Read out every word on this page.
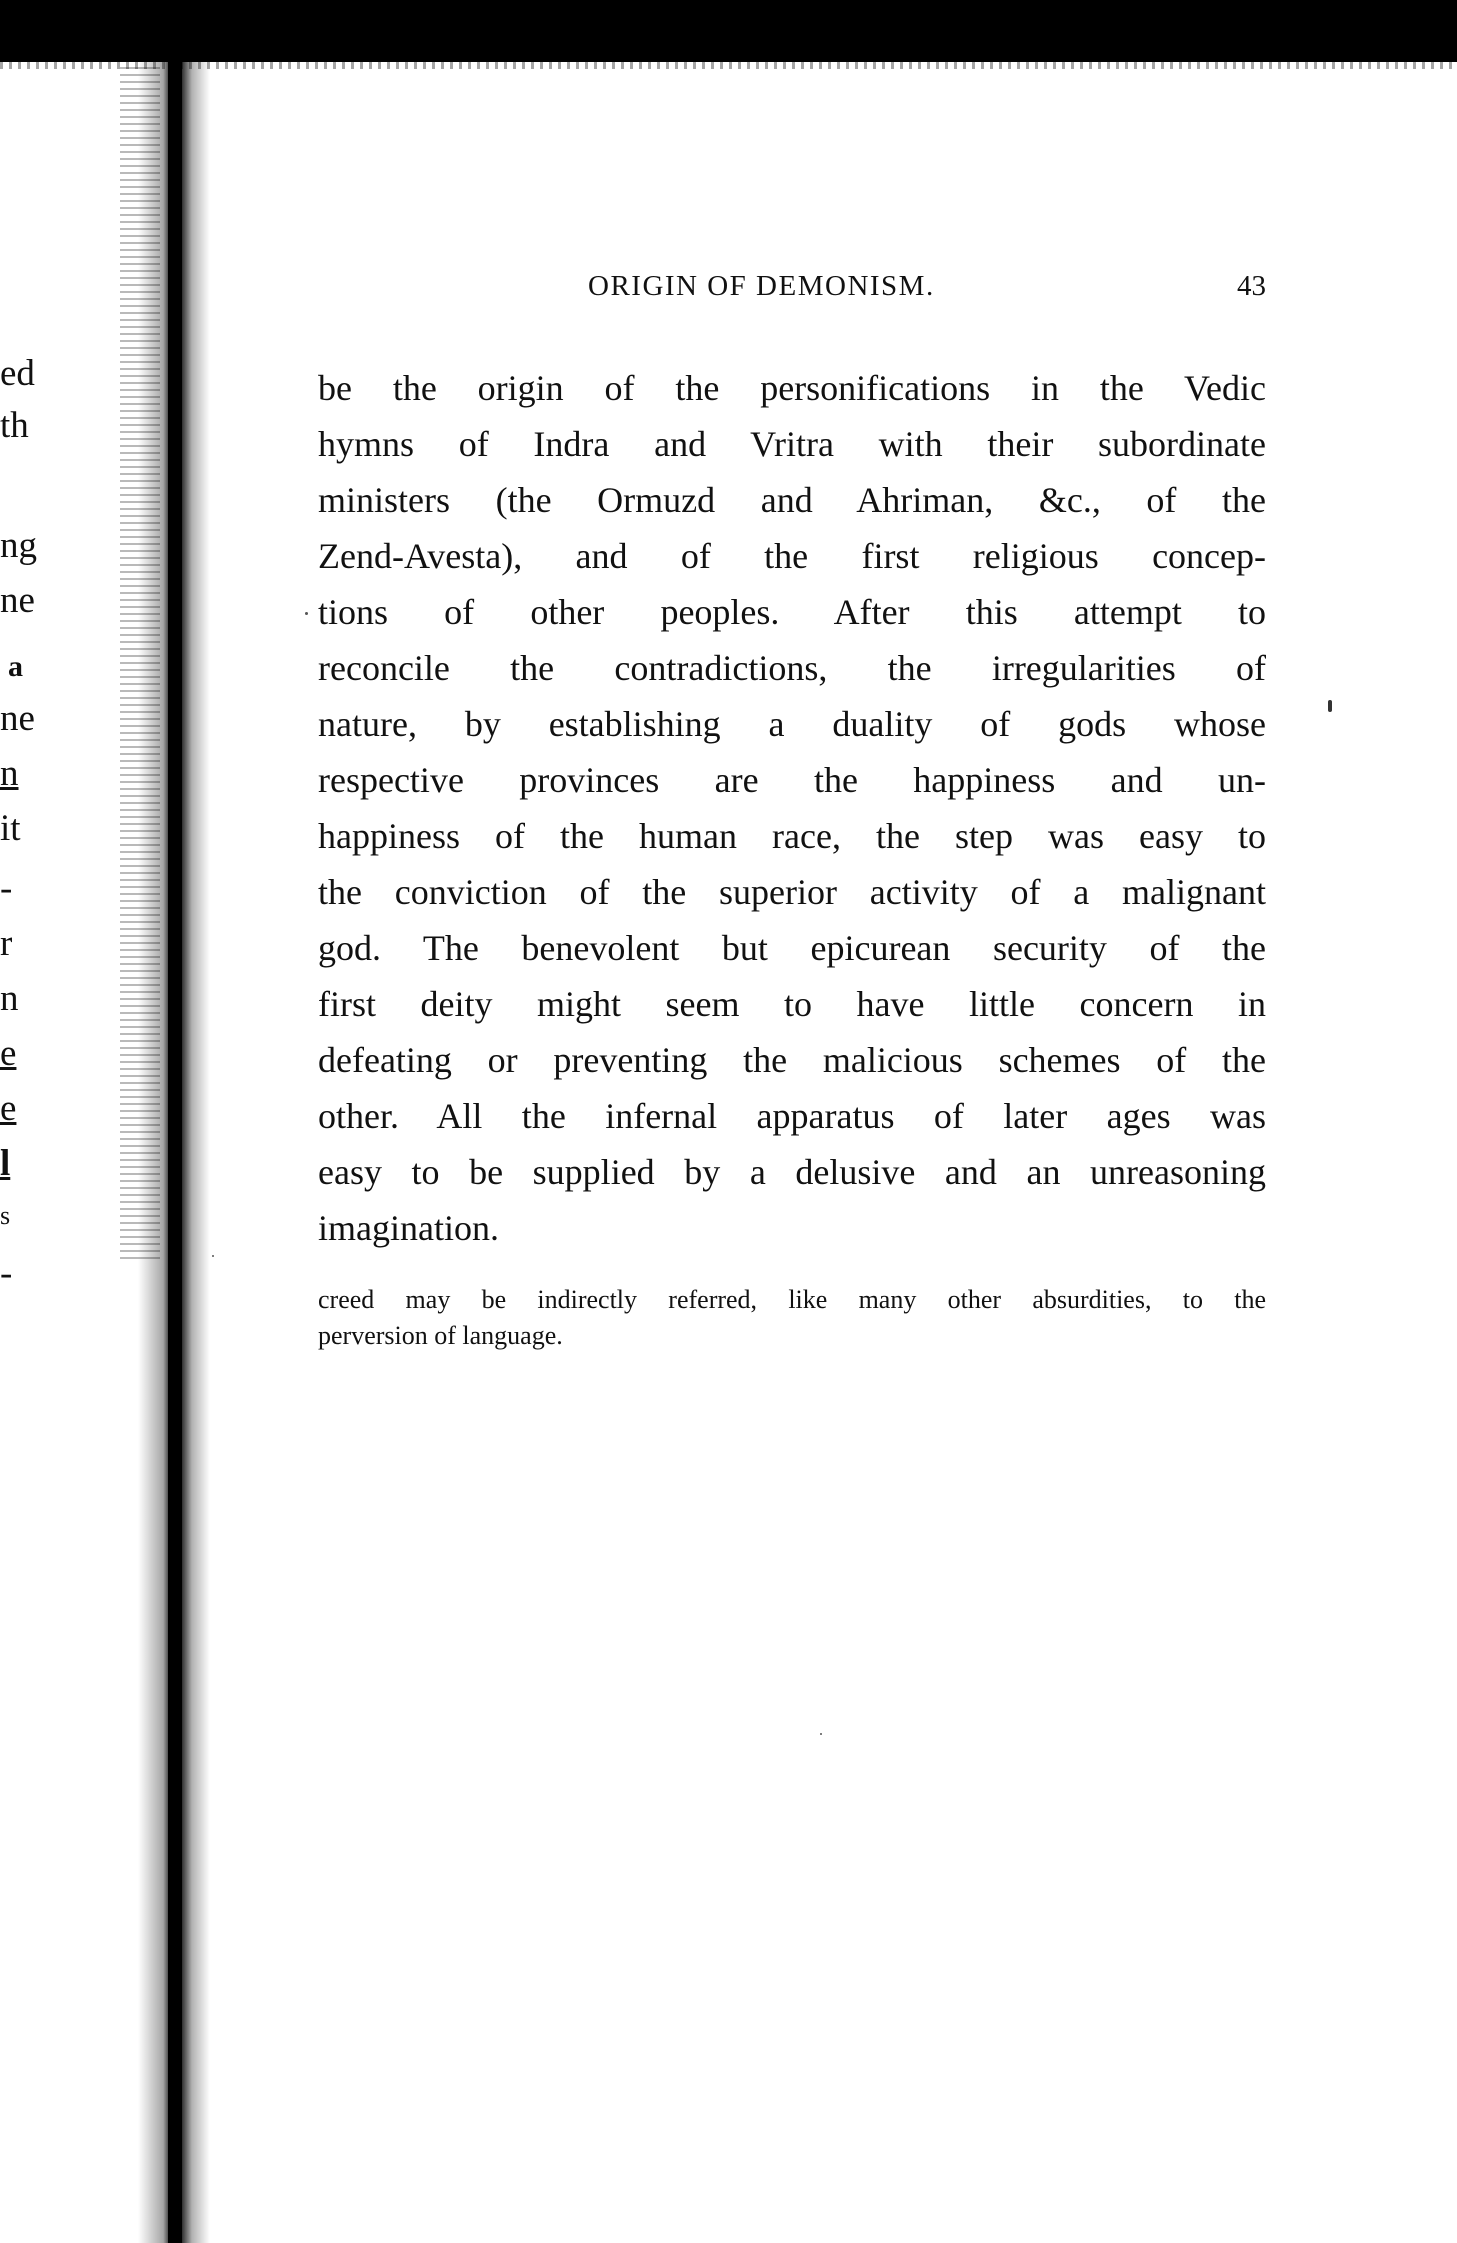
ed
th
ng
ne
a
ne
n
it
-
r
n
e
e
l
s
-
ORIGIN OF DEMONISM.	43
be the origin of the personifications in the Vedic
hymns of Indra and Vritra with their subordinate
ministers (the Ormuzd and Ahriman, &c., of the
Zend-Avesta), and of the first religious concep-
tions of other peoples. After this attempt to
reconcile the contradictions, the irregularities of
nature, by establishing a duality of gods whose
respective provinces are the happiness and un-
happiness of the human race, the step was easy to
the conviction of the superior activity of a malignant
god. The benevolent but epicurean security of the
first deity might seem to have little concern in
defeating or preventing the malicious schemes of the
other. All the infernal apparatus of later ages was
easy to be supplied by a delusive and an unreasoning
imagination.
creed may be indirectly referred, like many other absurdities, to the
perversion of language.
